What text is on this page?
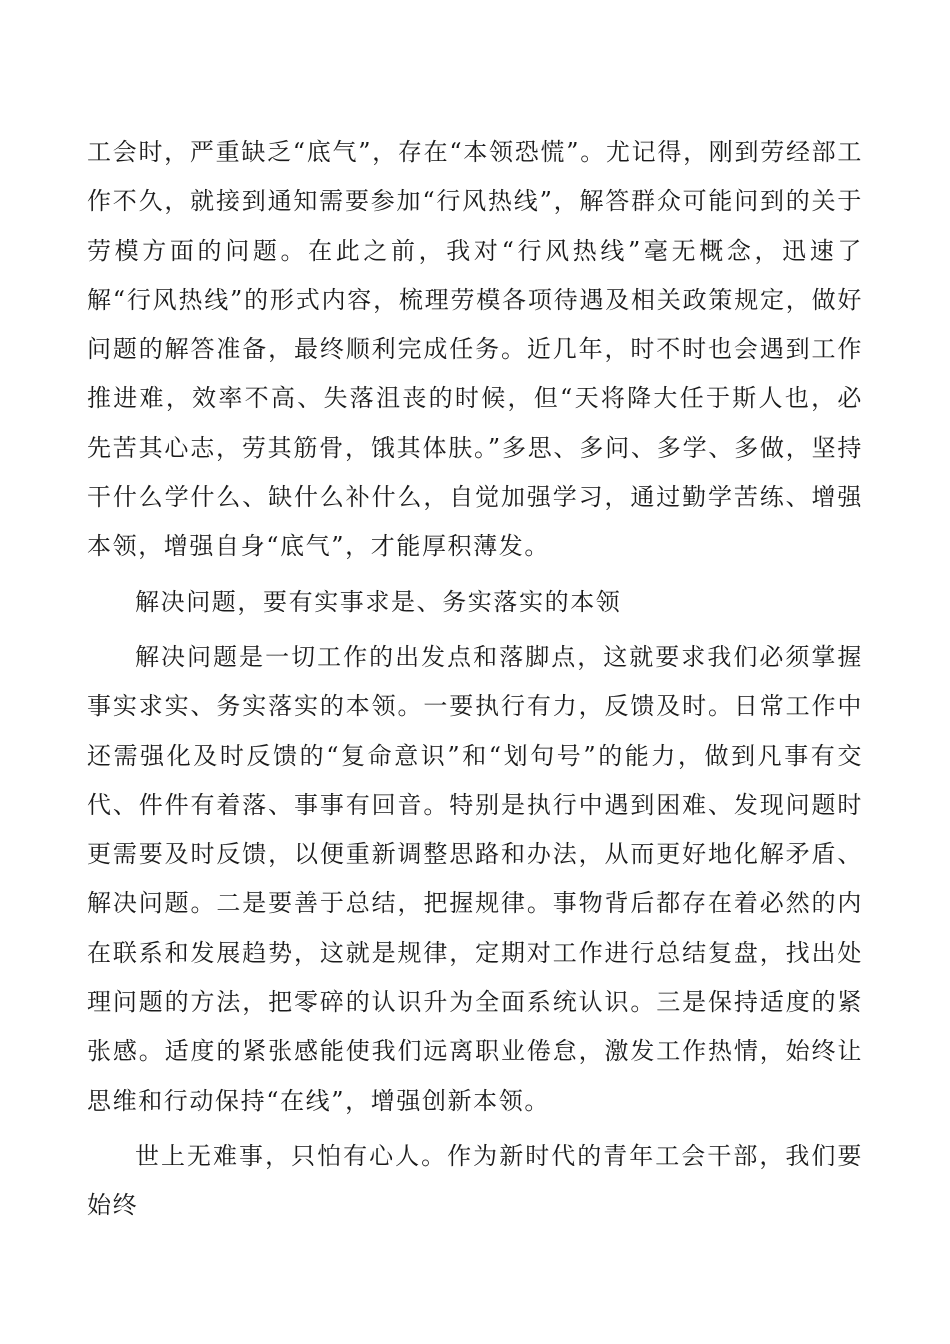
工会时，严重缺乏“底气”，存在“本领恐慌”。尤记得，刚到劳经部工作不久，就接到通知需要参加“行风热线”，解答群众可能问到的关于劳模方面的问题。在此之前，我对“行风热线”毫无概念，迅速了解“行风热线”的形式内容，梳理劳模各项待遇及相关政策规定，做好问题的解答准备，最终顺利完成任务。近几年，时不时也会遇到工作推进难，效率不高、失落沮丧的时候，但“天将降大任于斯人也，必先苦其心志，劳其筋骨，饿其体肤。”多思、多问、多学、多做，坚持干什么学什么、缺什么补什么，自觉加强学习，通过勤学苦练、增强本领，增强自身“底气”，才能厚积薄发。

解决问题，要有实事求是、务实落实的本领

解决问题是一切工作的出发点和落脚点，这就要求我们必须掌握事实求实、务实落实的本领。一要执行有力，反馈及时。日常工作中还需强化及时反馈的“复命意识”和“划句号”的能力，做到凡事有交代、件件有着落、事事有回音。特别是执行中遇到困难、发现问题时更需要及时反馈，以便重新调整思路和办法，从而更好地化解矛盾、解决问题。二是要善于总结，把握规律。事物背后都存在着必然的内在联系和发展趋势，这就是规律，定期对工作进行总结复盘，找出处理问题的方法，把零碎的认识升为全面系统认识。三是保持适度的紧张感。适度的紧张感能使我们远离职业倦怠，激发工作热情，始终让思维和行动保持“在线”，增强创新本领。

世上无难事，只怕有心人。作为新时代的青年工会干部，我们要始终
